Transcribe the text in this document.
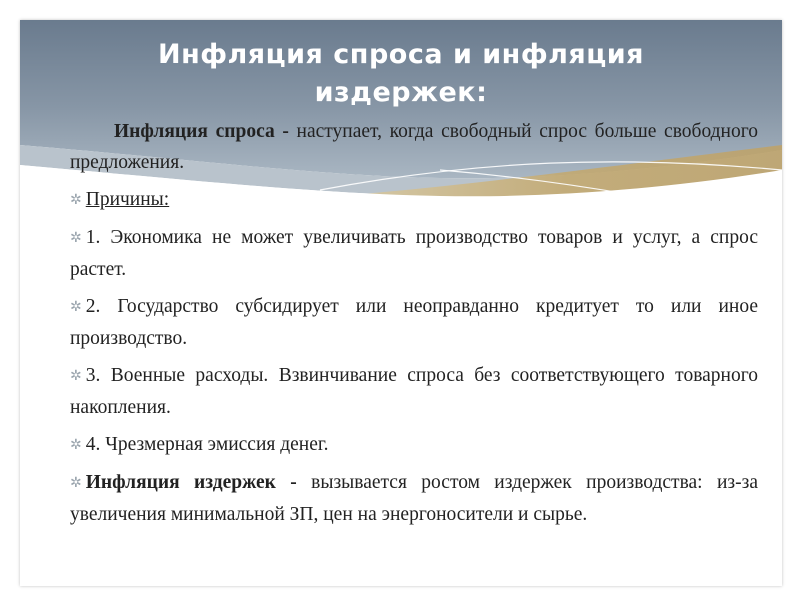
Инфляция спроса и инфляция
издержек:

Инфляция спроса - наступает, когда свободный спрос больше свободного предложения.

✲ Причины:

✲ 1. Экономика не может увеличивать производство товаров и услуг, а спрос растет.

✲ 2. Государство субсидирует или неоправданно кредитует то или иное производство.

✲ 3. Военные расходы. Взвинчивание спроса без соответствующего товарного накопления.

✲ 4. Чрезмерная эмиссия денег.

✲ Инфляция издержек - вызывается ростом издержек производства: из-за увеличения минимальной ЗП, цен на энергоносители и сырье.
